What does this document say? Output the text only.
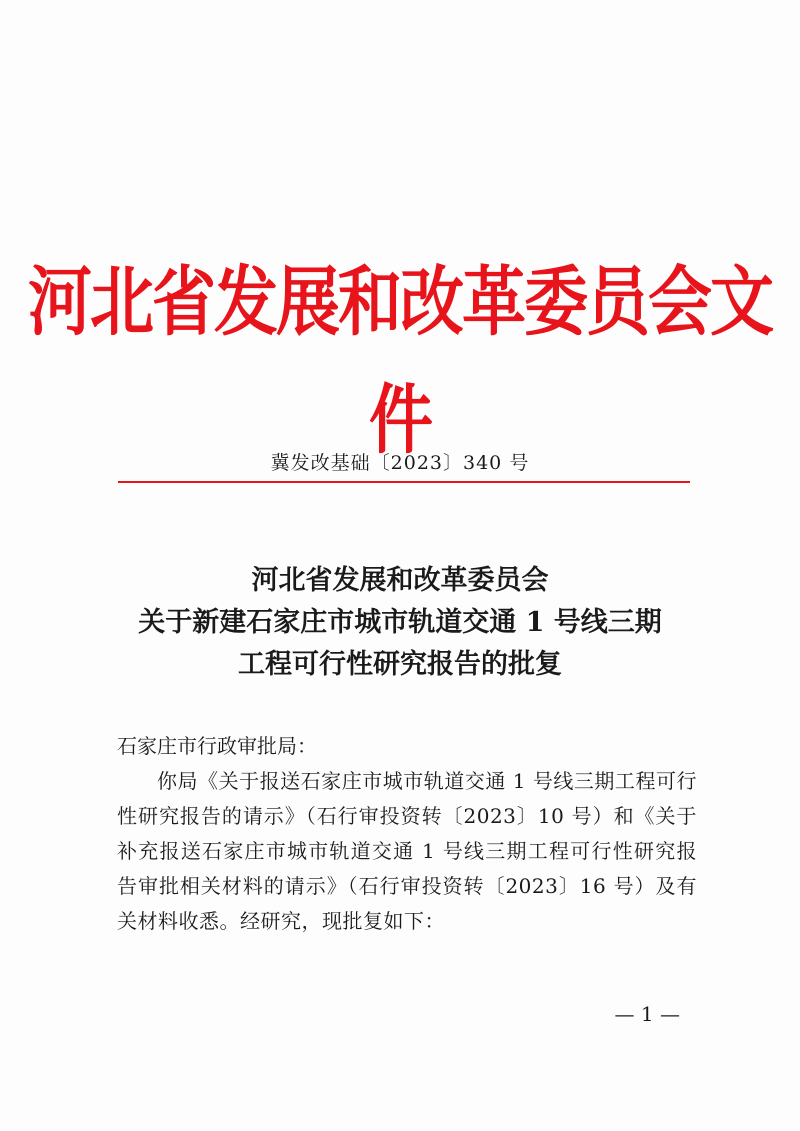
河北省发展和改革委员会文件
冀发改基础〔2023〕340 号
河北省发展和改革委员会
关于新建石家庄市城市轨道交通 1 号线三期
工程可行性研究报告的批复
石家庄市行政审批局：
你局《关于报送石家庄市城市轨道交通 1 号线三期工程可行性研究报告的请示》（石行审投资转〔2023〕10 号）和《关于补充报送石家庄市城市轨道交通 1 号线三期工程可行性研究报告审批相关材料的请示》（石行审投资转〔2023〕16 号）及有关材料收悉。经研究，现批复如下：
— 1 —
